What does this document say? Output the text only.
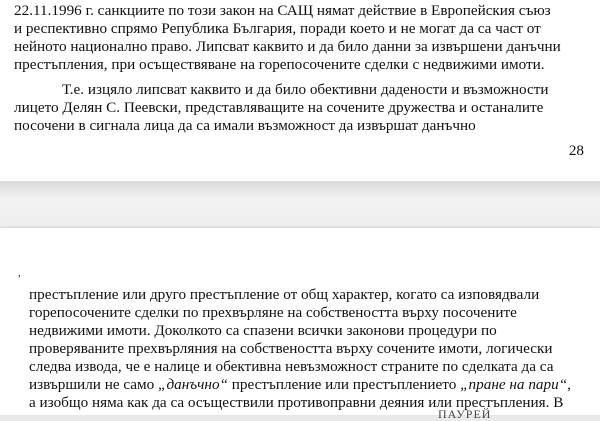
22.11.1996 г. санкциите по този закон на САЩ нямат действие в Европейския съюз
и респективно спрямо Република България, поради което и не могат да са част от
нейното национално право. Липсват каквито и да било данни за извършени данъчни
престъпления, при осъществяване на горепосочените сделки с недвижими имоти.
Т.е. изцяло липсват каквито и да било обективни дадености и възможности
лицето Делян С. Пеевски, представляващите на сочените дружества и останалите
посочени в сигнала лица да са имали възможност да извършат данъчно
28
престъпление или друго престъпление от общ характер, когато са изповядвали
горепосочените сделки по прехвърляне на собствеността върху посочените
недвижими имоти. Доколкото са спазени всички законови процедури по
проверяваните прехвърляния на собствеността върху сочените имоти, логически
следва извода, че е налице и обективна невъзможност страните по сделката да са
извършили не само „данъчно“ престъпление или престъплението „пране на пари“,
а изобщо няма как да са осъществили противоправни деяния или престъпления. В
,
ПАУРЕЙ
